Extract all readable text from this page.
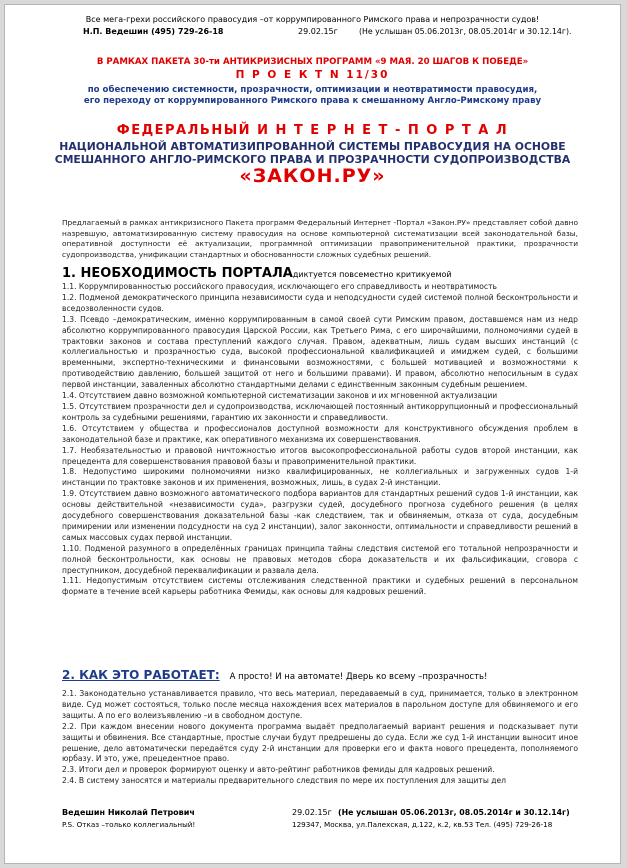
Все мега-грехи российского правосудия –от коррумпированного Римского права и непрозрачности судов!
Н.П. Ведешин (495) 729-26-18	29.02.15г	(Не услышан 05.06.2013г, 08.05.2014г и 30.12.14г).
В РАМКАХ ПАКЕТА 30-ти АНТИКРИЗИСНЫХ ПРОГРАММ «9 МАЯ. 20 ШАГОВ К ПОБЕДЕ»
П Р О Е К Т N 11/30
по обеспечению системности, прозрачности, оптимизации и неотвратимости правосудия,
его переходу от коррумпированного Римского права к смешанному Англо-Римскому праву
ФЕДЕРАЛЬНЫЙ И Н Т Е Р Н Е Т - П О Р Т А Л
НАЦИОНАЛЬНОЙ АВТОМАТИЗИПРОВАННОЙ СИСТЕМЫ ПРАВОСУДИЯ НА ОСНОВЕ
СМЕШАННОГО АНГЛО-РИМСКОГО ПРАВА И ПРОЗРАЧНОСТИ СУДОПРОИЗВОДСТВА
«ЗАКОН.РУ»
Предлагаемый в рамках антикризисного Пакета программ Федеральный Интернет -Портал «Закон.РУ» представляет собой давно назревшую, автоматизированную систему правосудия на основе компьютерной систематизации всей законодательной базы, оперативной доступности её актуализации, программной оптимизации правоприменительной практики, прозрачности судопроизводства, унификации стандартных и обоснованности сложных судебных решений.
1. НЕОБХОДИМОСТЬ ПОРТАЛАдиктуется повсеместно критикуемой

1.1. Коррумпированностью российского правосудия, исключающего его справедливость и неотвратимость

1.2. Подменой демократического принципа независимости суда и неподсудности судей системой полной бесконтрольности и вседозволенности судов.

1.3. Псевдо –демократическим, именно коррумпированным в самой своей сути Римским правом, доставшемся нам из недр абсолютно коррумпированного правосудия Царской России, как Третьего Рима, с его широчайшими, полномочиями судей в трактовки законов и состава преступлений каждого случая. Правом, адекватным, лишь судам высших инстанций (с коллегиальностью и прозрачностью суда, высокой профессиональной квалификацией и имиджем судей, с большими временными, экспертно-техническими и финансовыми возможностями, с большей мотивацией и возможностями к противодействию давлению, большей защитой от него и большими правами). И правом, абсолютно непосильным в судах первой инстанции, заваленных абсолютно стандартными делами с единственным законным судебным решением.

1.4. Отсутствием давно возможной компьютерной систематизации законов и их мгновенной актуализации

1.5. Отсутствием прозрачности дел и судопроизводства, исключающей постоянный антикоррупционный и профессиональный контроль за судебными решениями, гарантию их законности и справедливости.

1.6. Отсутствием у общества и профессионалов доступной возможности для конструктивного обсуждения проблем в законодательной базе и практике, как оперативного механизма их совершенствования.

1.7. Необязательностью и правовой ничтожностью итогов высокопрофессиональной работы судов второй инстанции, как прецедента для совершенствования правовой базы и правоприменительной практики.

1.8. Недопустимо широкими полномочиями низко квалифицированных, не коллегиальных и загруженных судов 1-й инстанции по трактовке законов и их применения, возможных, лишь, в судах 2-й инстанции.

1.9. Отсутствием давно возможного автоматического подбора вариантов для стандартных решений судов 1-й инстанции, как основы действительной «независимости суда», разгрузки судей, досудебного прогноза судебного решения (в целях досудебного совершенствования доказательной базы -как следствием, так и обвиняемым, отказа от суда, досудебным примирении или изменении подсудности на суд 2 инстанции), залог законности, оптимальности и справедливости решений в самых массовых судах первой инстанции.

1.10. Подменой разумного в определённых границах принципа тайны следствия системой его тотальной непрозрачности и полной бесконтрольности, как основы не правовых методов сбора доказательств и их фальсификации, сговора с преступником, досудебной переквалификации и развала дела.

1.11. Недопустимым отсутствием системы отслеживания следственной практики и судебных решений в персональном формате в течение всей карьеры работника Фемиды, как основы для кадровых решений.

2. КАК ЭТО РАБОТАЕТ: А просто! И на автомате! Дверь ко всему –прозрачность!

2.1. Законодательно устанавливается правило, что весь материал, передаваемый в суд, принимается, только в электронном виде. Суд может состояться, только после месяца нахождения всех материалов в парольном доступе для обвиняемого и его защиты. А по его волеизъявлению –и в свободном доступе.

2.2. При каждом внесении нового документа программа выдаёт предполагаемый вариант решения и подсказывает пути защиты и обвинения. Все стандартные, простые случаи будут предрешены до суда. Если же суд 1-й инстанции выносит иное решение, дело автоматически передаётся суду 2-й инстанции для проверки его и факта нового прецедента, пополняемого юрбазу. И это, уже, прецедентное право.

2.3. Итоги дел и проверок формируют оценку и авто-рейтинг работников фемиды для кадровых решений.

2.4. В систему заносятся и материалы предварительного следствия по мере их поступления для защиты дел

Ведешин Николай Петрович	29.02.15г (Не услышан 05.06.2013г, 08.05.2014г и 30.12.14г)
P.S. Отказ –только коллегиальный!	129347, Москва, ул.Палехская, д.122, к.2, кв.53 Тел. (495) 729-26-18
